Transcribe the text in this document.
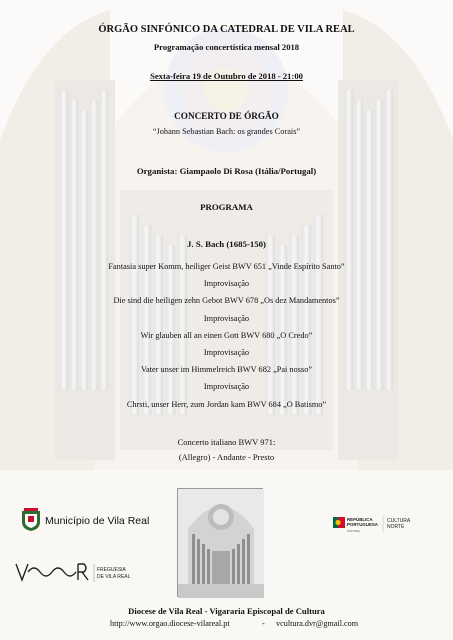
ÓRGÃO SINFÓNICO DA CATEDRAL DE VILA REAL
Programação concertística mensal 2018
Sexta-feira 19 de Outubro de 2018 - 21:00
CONCERTO DE ÓRGÃO
“Johann Sebastian Bach: os grandes Corais”
Organista: Giampaolo Di Rosa (Itália/Portugal)
PROGRAMA
J. S. Bach (1685-150)
Fantasia super Komm, heiliger Geist BWV 651 „Vinde Espírito Santo”
Improvisação
Die sind die heiligen zehn Gebot BWV 678 „Os dez Mandamentos”
Improvisação
Wir glauben all an einen Gott BWV 680 „O Credo”
Improvisação
Vater unser im Himmelreich BWV 682 „Pai nosso”
Improvisação
Chrsti, unser Herr, zum Jordan kam BWV 684 „O Batismo”
Concerto italiano BWV 971:
(Allegro) - Andante - Presto
Município de Vila Real	REPÚBLICA
PORTUGUESA
CULTURA
CULTURA
NORTE
FREGUESIA
DE VILA REAL
Diocese de Vila Real - Vigararia Episcopal de Cultura
http://www.orgao.diocese-vilareal.pt	- vcultura.dvr@gmail.com
